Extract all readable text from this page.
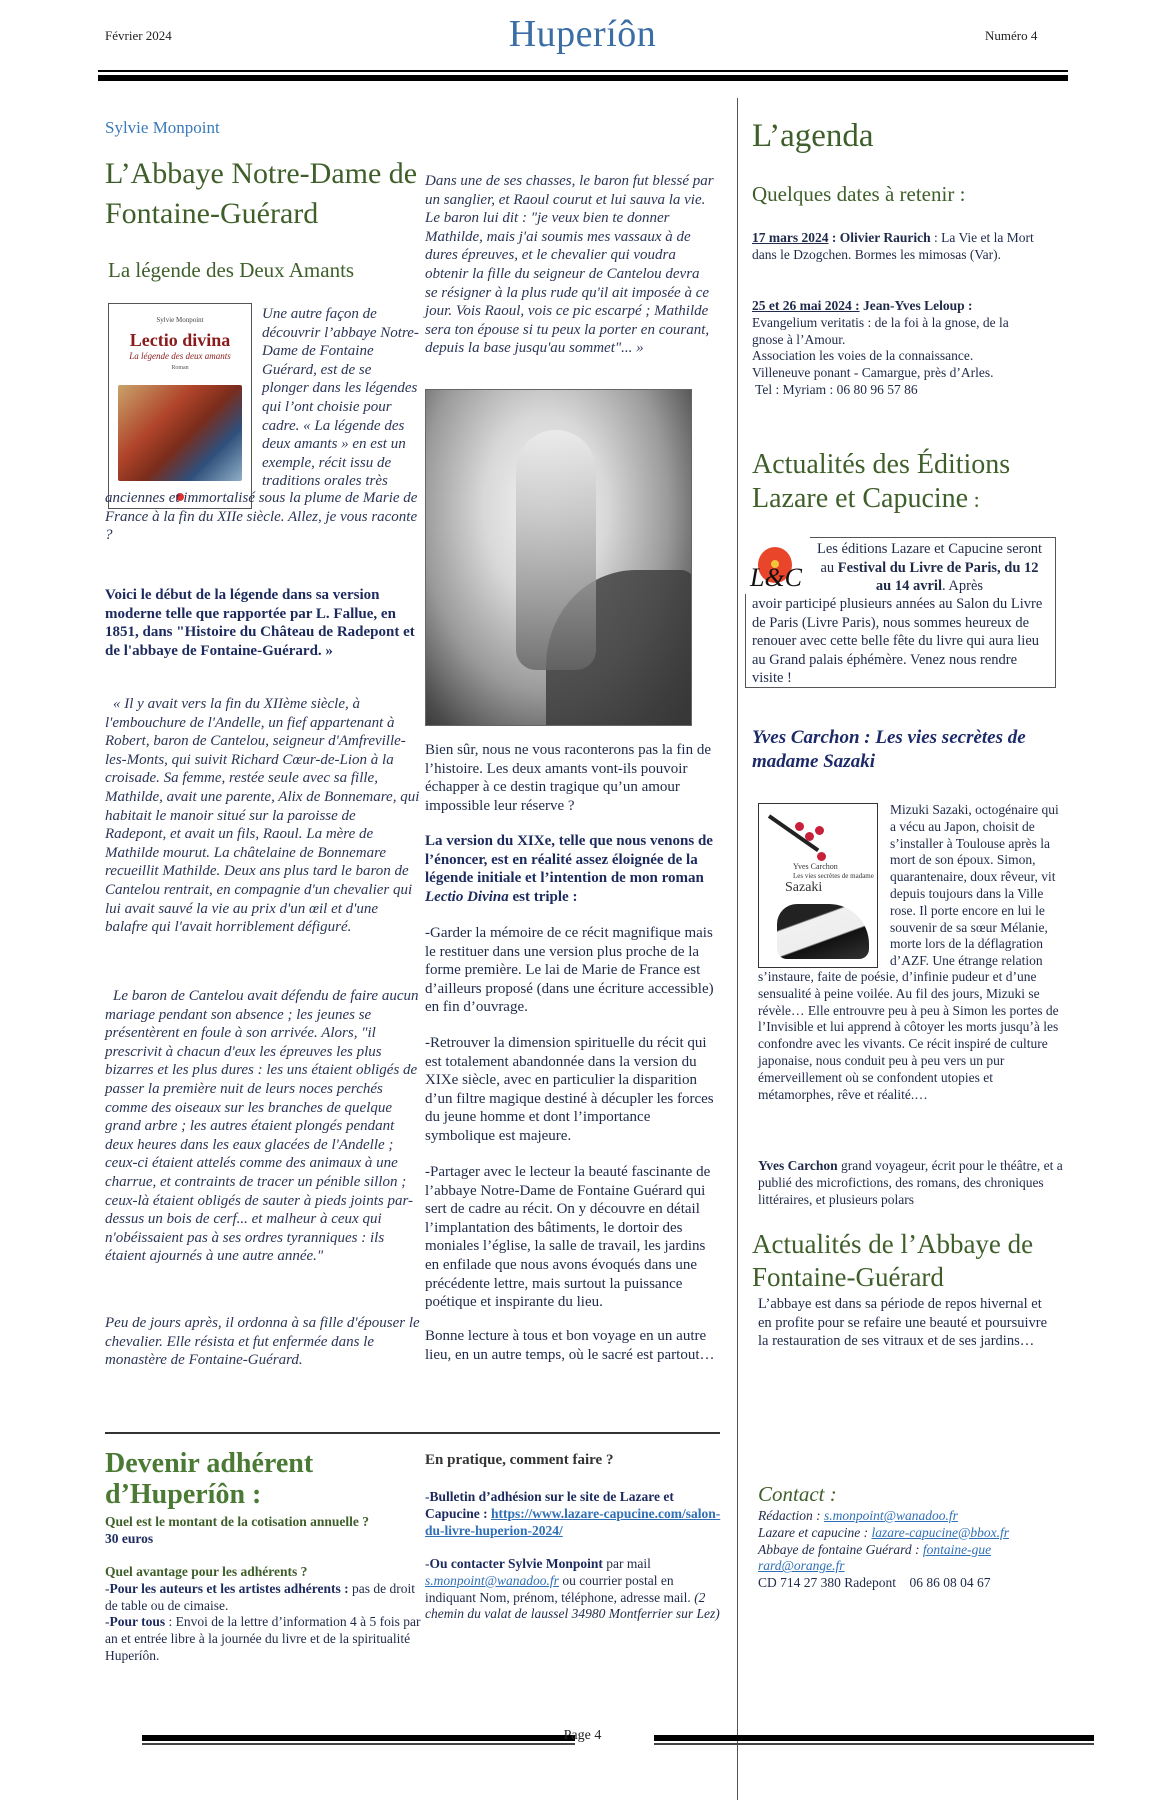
Février 2024	Huperíôn	Numéro 4
Sylvie Monpoint
L’Abbaye Notre-Dame de Fontaine-Guérard
La légende des Deux Amants
Sylvie Monpoint
Lectio divina
La légende des deux amants
Roman
Une autre façon de découvrir l’abbaye Notre-Dame de Fontaine Guérard, est de se plonger dans les légendes qui l’ont choisie pour cadre. « La légende des deux amants » en est un exemple, récit issu de traditions orales très
anciennes et immortalisé sous la plume de Marie de France à la fin du XIIe siècle. Allez, je vous raconte ?
Voici le début de la légende dans sa version moderne telle que rapportée par L. Fallue, en 1851, dans "Histoire du Château de Radepont et de l'abbaye de Fontaine-Guérard. »
« Il y avait vers la fin du XIIème siècle, à l'embouchure de l'Andelle, un fief appartenant à Robert, baron de Cantelou, seigneur d'Amfreville-les-Monts, qui suivit Richard Cœur-de-Lion à la croisade. Sa femme, restée seule avec sa fille, Mathilde, avait une parente, Alix de Bonnemare, qui habitait le manoir situé sur la paroisse de Radepont, et avait un fils, Raoul. La mère de Mathilde mourut. La châtelaine de Bonnemare recueillit Mathilde. Deux ans plus tard le baron de Cantelou rentrait, en compagnie d'un chevalier qui lui avait sauvé la vie au prix d'un œil et d'une balafre qui l'avait horriblement défiguré.
Le baron de Cantelou avait défendu de faire aucun mariage pendant son absence ; les jeunes se présentèrent en foule à son arrivée. Alors, "il prescrivit à chacun d'eux les épreuves les plus bizarres et les plus dures : les uns étaient obligés de passer la première nuit de leurs noces perchés comme des oiseaux sur les branches de quelque grand arbre ; les autres étaient plongés pendant deux heures dans les eaux glacées de l'Andelle ; ceux-ci étaient attelés comme des animaux à une charrue, et contraints de tracer un pénible sillon ; ceux-là étaient obligés de sauter à pieds joints par-dessus un bois de cerf... et malheur à ceux qui n'obéissaient pas à ses ordres tyranniques : ils étaient ajournés à une autre année."
Peu de jours après, il ordonna à sa fille d'épouser le chevalier. Elle résista et fut enfermée dans le monastère de Fontaine-Guérard.
Dans une de ses chasses, le baron fut blessé par un sanglier, et Raoul courut et lui sauva la vie. Le baron lui dit : "je veux bien te donner Mathilde, mais j'ai soumis mes vassaux à de dures épreuves, et le chevalier qui voudra obtenir la fille du seigneur de Cantelou devra se résigner à la plus rude qu'il ait imposée à ce jour. Vois Raoul, vois ce pic escarpé ; Mathilde sera ton épouse si tu peux la porter en courant, depuis la base jusqu'au sommet"... »
Bien sûr, nous ne vous raconterons pas la fin de l’histoire. Les deux amants vont-ils pouvoir échapper à ce destin tragique qu’un amour impossible leur réserve ?
La version du XIXe, telle que nous venons de l’énoncer, est en réalité assez éloignée de la légende initiale et l’intention de mon roman Lectio Divina est triple :
-Garder la mémoire de ce récit magnifique mais le restituer dans une version plus proche de la forme première. Le lai de Marie de France est d’ailleurs proposé (dans une écriture accessible) en fin d’ouvrage.
-Retrouver la dimension spirituelle du récit qui est totalement abandonnée dans la version du XIXe siècle, avec en particulier la disparition d’un filtre magique destiné à décupler les forces du jeune homme et dont l’importance symbolique est majeure.
-Partager avec le lecteur la beauté fascinante de l’abbaye Notre-Dame de Fontaine Guérard qui sert de cadre au récit. On y découvre en détail l’implantation des bâtiments, le dortoir des moniales l’église, la salle de travail, les jardins en enfilade que nous avons évoqués dans une précédente lettre, mais surtout la puissance poétique et inspirante du lieu.
Bonne lecture à tous et bon voyage en un autre lieu, en un autre temps, où le sacré est partout…
L’agenda
Quelques dates à retenir :
17 mars 2024 : Olivier Raurich : La Vie et la Mort dans le Dzogchen. Bormes les mimosas (Var).
25 et 26 mai 2024 : Jean-Yves Leloup :
Evangelium veritatis : de la foi à la gnose, de la gnose à l’Amour.
Association les voies de la connaissance.
Villeneuve ponant - Camargue, près d’Arles.
Tel : Myriam : 06 80 96 57 86
Actualités des Éditions Lazare et Capucine :
L&C
Les éditions Lazare et Capucine seront au Festival du Livre de Paris, du 12 au 14 avril. Après
avoir participé plusieurs années au Salon du Livre de Paris (Livre Paris), nous sommes heureux de renouer avec cette belle fête du livre qui aura lieu au Grand palais éphémère. Venez nous rendre visite !
Yves Carchon : Les vies secrètes de madame Sazaki
Yves Carchon
Les vies secrètes de madame
Sazaki
Mizuki Sazaki, octogénaire qui a vécu au Japon, choisit de s’installer à Toulouse après la mort de son époux. Simon, quarantenaire, doux rêveur, vit depuis toujours dans la Ville rose. Il porte encore en lui le souvenir de sa sœur Mélanie, morte lors de la déflagration d’AZF. Une étrange relation
s’instaure, faite de poésie, d’infinie pudeur et d’une sensualité à peine voilée. Au fil des jours, Mizuki se révèle… Elle entrouvre peu à peu à Simon les portes de l’Invisible et lui apprend à côtoyer les morts jusqu’à les confondre avec les vivants. Ce récit inspiré de culture japonaise, nous conduit peu à peu vers un pur émerveillement où se confondent utopies et métamorphes, rêve et réalité.…
Yves Carchon grand voyageur, écrit pour le théâtre, et a publié des microfictions, des romans, des chroniques littéraires, et plusieurs polars
Actualités de l’Abbaye de Fontaine-Guérard
L’abbaye est dans sa période de repos hivernal et en profite pour se refaire une beauté et poursuivre la restauration de ses vitraux et de ses jardins…
Devenir adhérent d’Huperíôn :
Quel est le montant de la cotisation annuelle ?
30 euros
Quel avantage pour les adhérents ?
-Pour les auteurs et les artistes adhérents : pas de droit de table ou de cimaise.
-Pour tous : Envoi de la lettre d’information 4 à 5 fois par an et entrée libre à la journée du livre et de la spiritualité Huperíôn.
En pratique, comment faire ?
-Bulletin d’adhésion sur le site de Lazare et Capucine : https://www.lazare-capucine.com/salon-du-livre-huperion-2024/
-Ou contacter Sylvie Monpoint par mail s.monpoint@wanadoo.fr ou courrier postal en indiquant Nom, prénom, téléphone, adresse mail. (2 chemin du valat de laussel 34980 Montferrier sur Lez)
Contact :
Rédaction : s.monpoint@wanadoo.fr
Lazare et capucine : lazare-capucine@bbox.fr
Abbaye de fontaine Guérard : fontaine-guerard@orange.fr
CD 714 27 380 Radepont    06 86 08 04 67
Page 4
